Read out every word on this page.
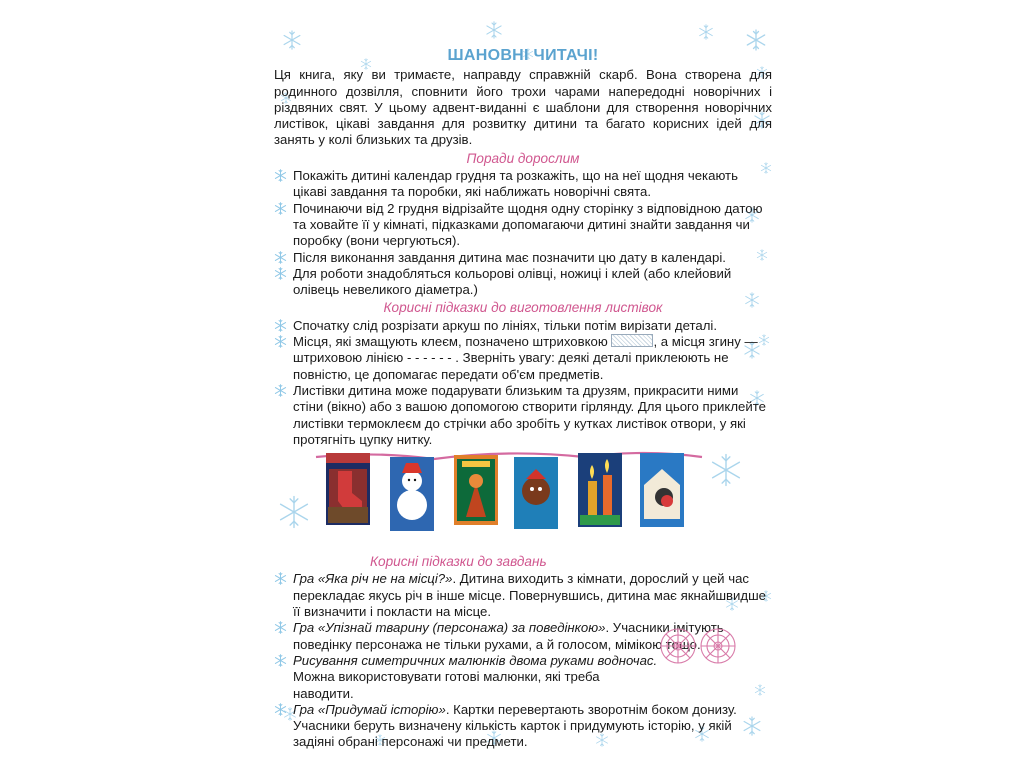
ШАНОВНІ ЧИТАЧІ!

Ця книга, яку ви тримаєте, направду справжній скарб. Вона створена для родинного дозвілля, сповнити його трохи чарами напередодні новорічних і різдвяних свят. У цьому адвент-виданні є шаблони для створення новорічних листівок, цікаві завдання для розвитку дитини та багато корисних ідей для занять у колі близьких та друзів.

Поради дорослим
Покажіть дитині календар грудня та розкажіть, що на неї щодня чекають цікаві завдання та поробки, які наближать новорічні свята.
Починаючи від 2 грудня відрізайте щодня одну сторінку з відповідною датою та ховайте її у кімнаті, підказками допомагаючи дитині знайти завдання чи поробку (вони чергуються).
Після виконання завдання дитина має позначити цю дату в календарі.
Для роботи знадобляться кольорові олівці, ножиці і клей (або клейовий олівець невеликого діаметра.)
Корисні підказки до виготовлення листівок
Спочатку слід розрізати аркуш по лініях, тільки потім вирізати деталі.
Місця, які змащують клеєм, позначено штриховкою	, а місця згину — штриховою лінією - - - - - - . Зверніть увагу: деякі деталі приклеюють не повністю, це допомагає передати об'єм предметів.
Листівки дитина може подарувати близьким та друзям, прикрасити ними стіни (вікно) або з вашою допомогою створити гірлянду. Для цього приклейте листівки термоклеєм до стрічки або зробіть у кутках листівок отвори, у які протягніть цупку нитку.
Корисні підказки до завдань
Гра «Яка річ не на місці?». Дитина виходить з кімнати, дорослий у цей час перекладає якусь річ в інше місце. Повернувшись, дитина має якнайшвидше її визначити і покласти на місце.
Гра «Упізнай тварину (персонажа) за поведінкою». Учасники імітують поведінку персонажа не тільки рухами, а й голосом, мімікою тощо.
Рисування симетричних малюнків двома руками водночас. Можна використовувати готові малюнки, які треба наводити.
Гра «Придумай історію». Картки перевертають зворотнім боком донизу. Учасники беруть визначену кількість карток і придумують історію, у якій задіяні обрані персонажі чи предмети.
